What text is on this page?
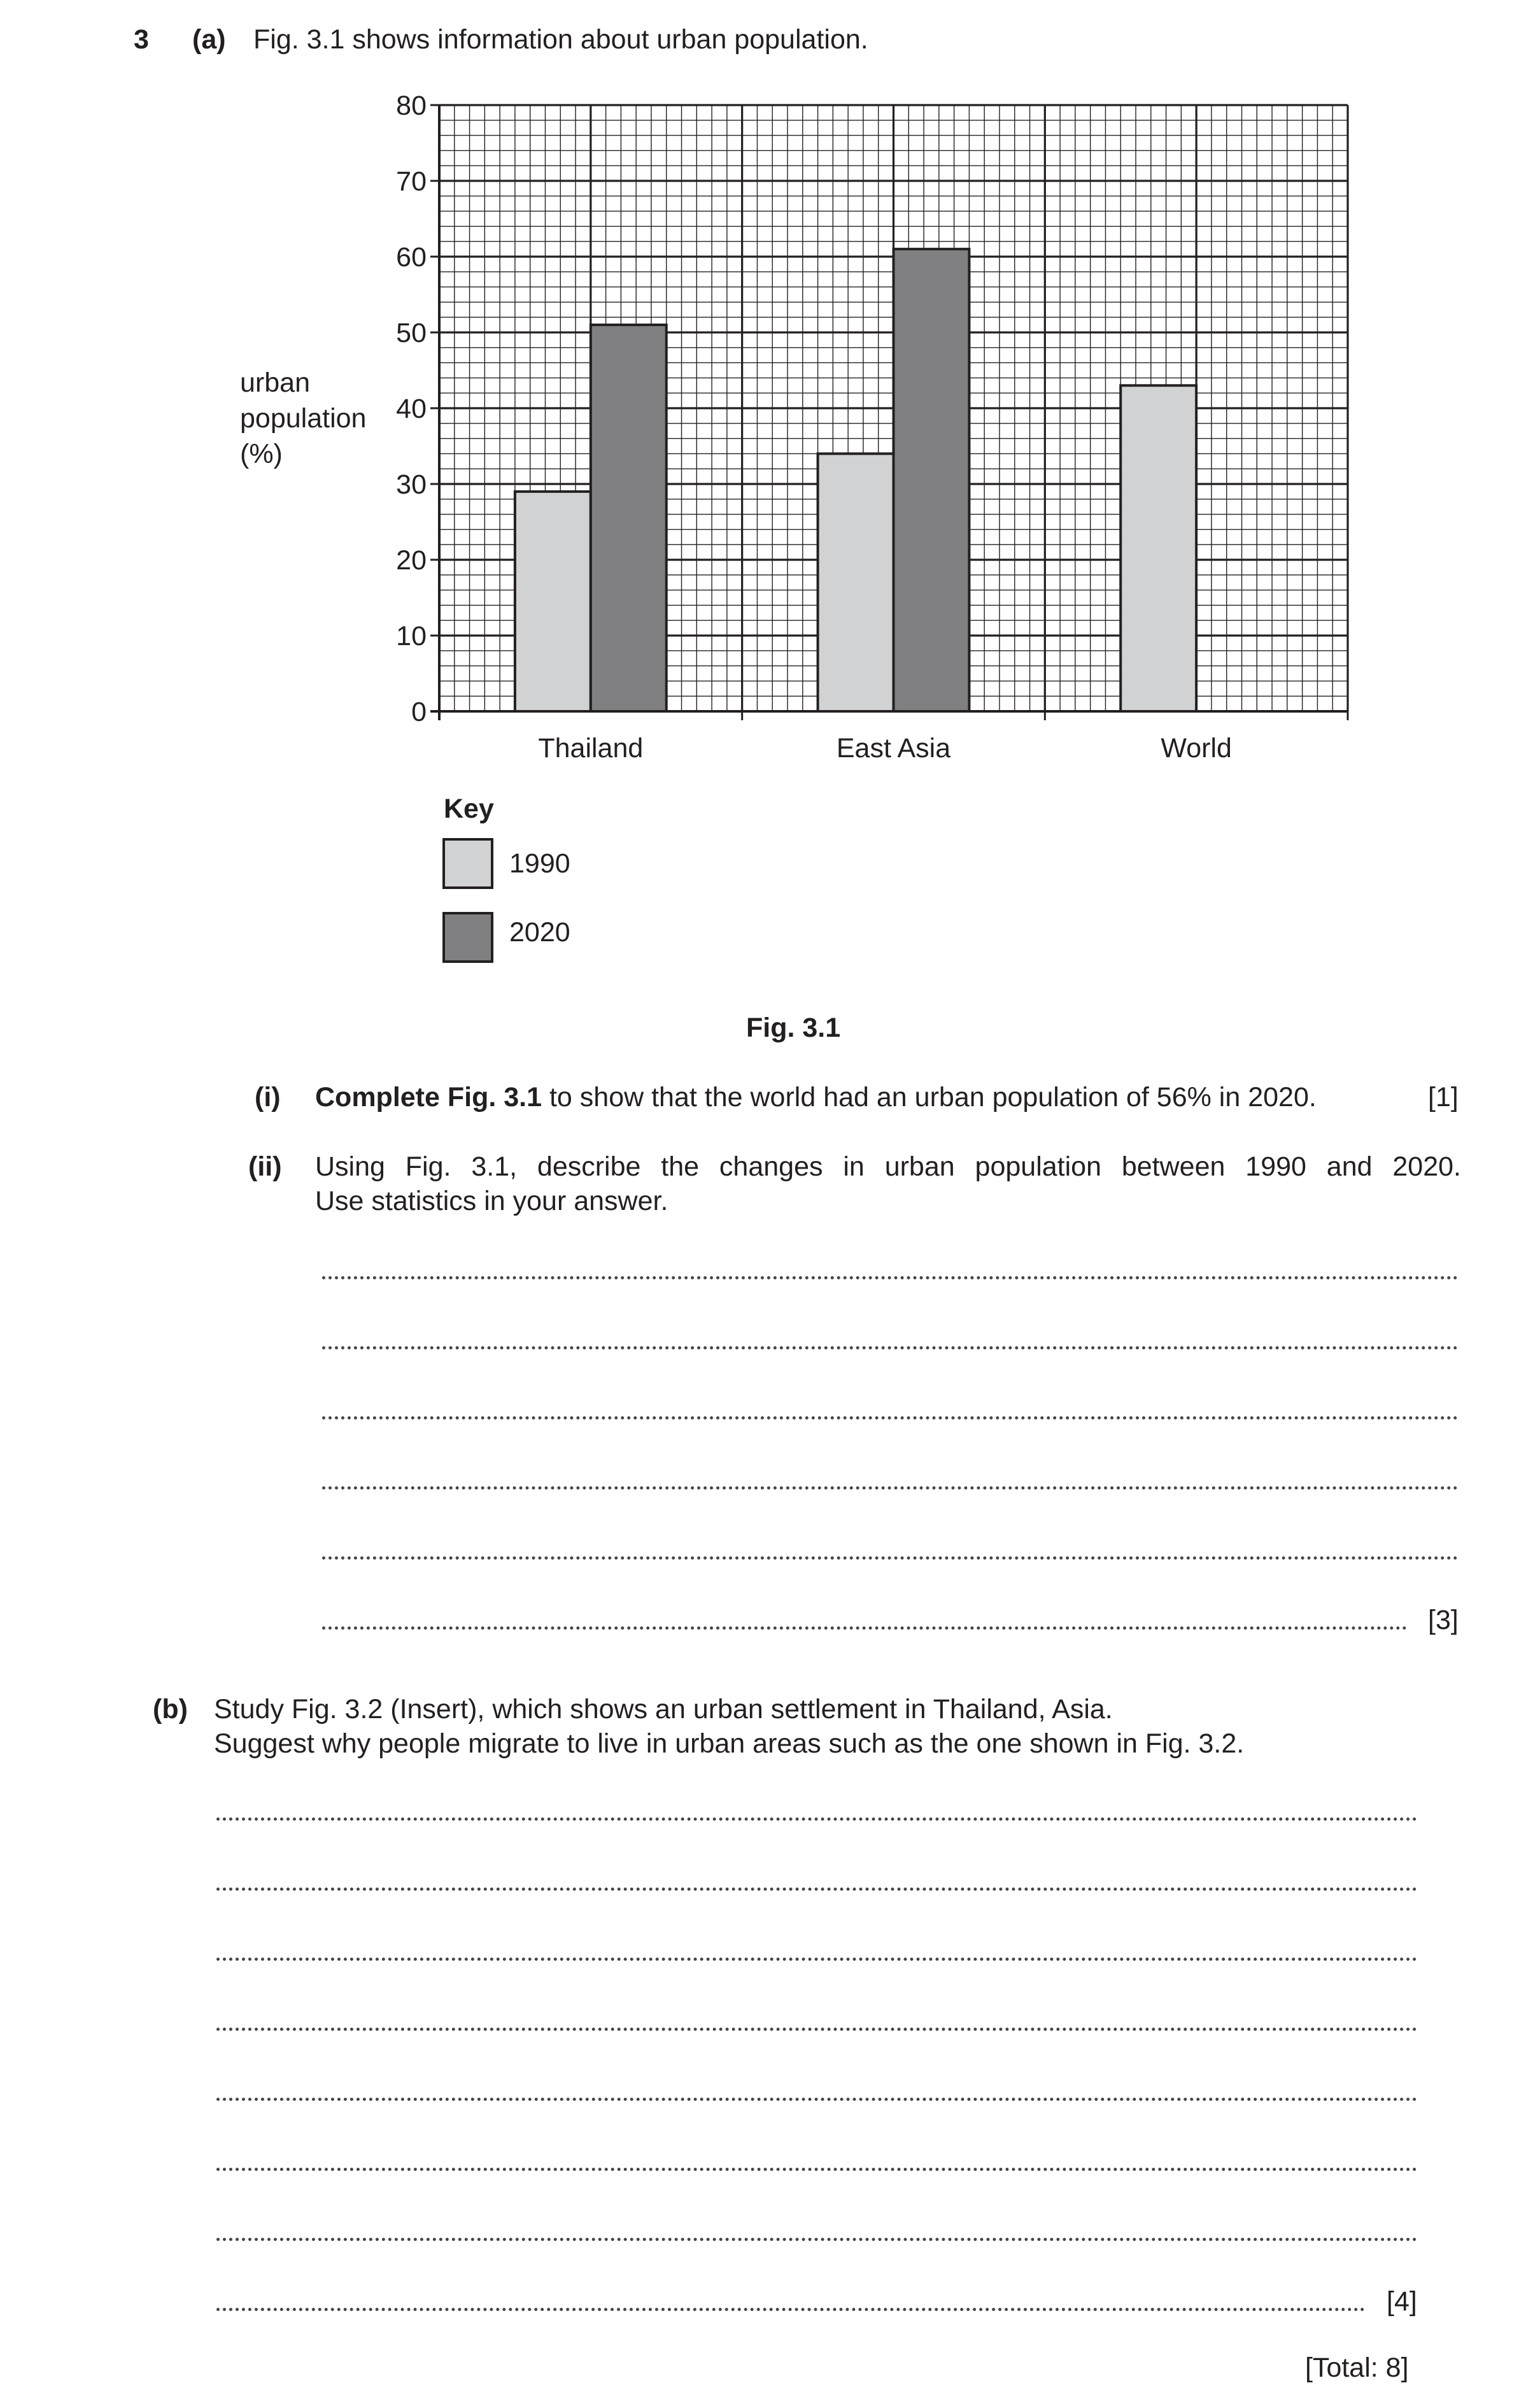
3 (a) Fig. 3.1 shows information about urban population.
Thailand	East Asia	World
0
10
20
30
40
50
60
70
80
urban
population
(%)
Key
1990
2020
Fig. 3.1
(i) Complete Fig. 3.1 to show that the world had an urban population of 56% in 2020.	[1]
(ii) Using Fig. 3.1, describe the changes in urban population between 1990 and 2020.
Use statistics in your answer.
[3]
(b) Study Fig. 3.2 (Insert), which shows an urban settlement in Thailand, Asia.
Suggest why people migrate to live in urban areas such as the one shown in Fig. 3.2.
[4]
[Total: 8]
